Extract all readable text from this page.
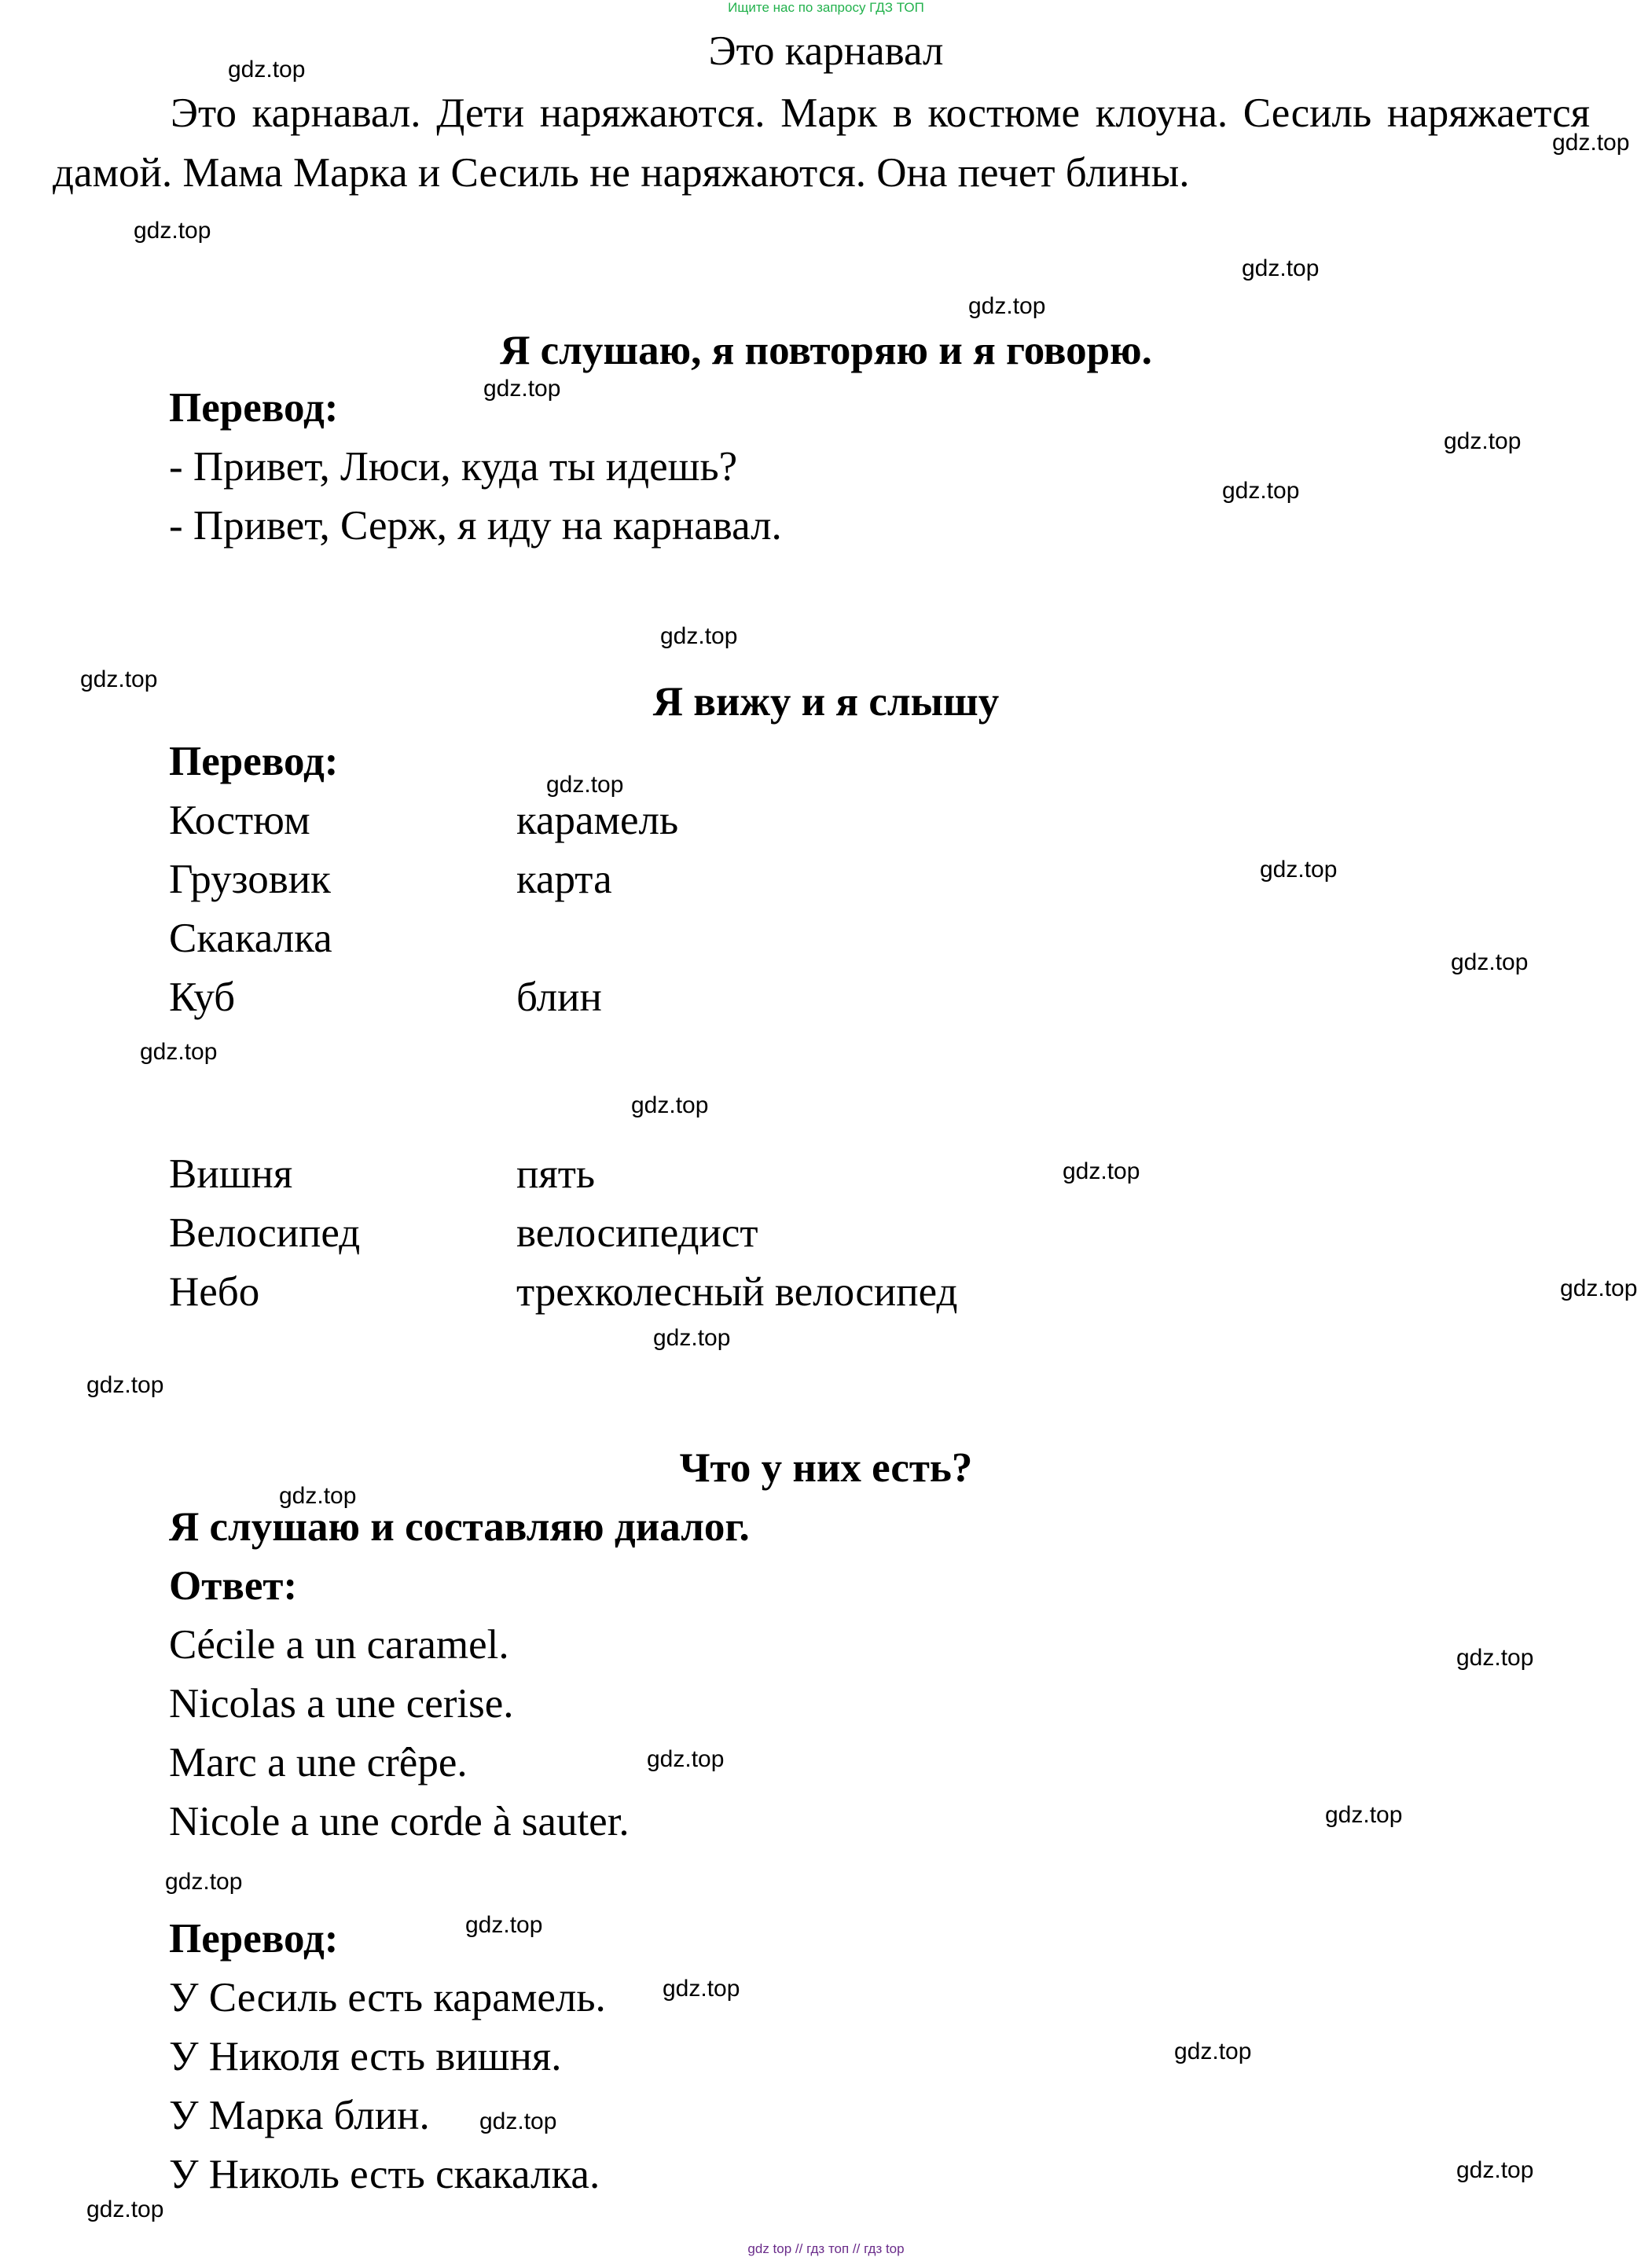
Ищите нас по запросу ГДЗ ТОП
gdz top // гдз топ // гдз top
Это карнавал
Это карнавал. Дети наряжаются. Марк в костюме клоуна. Сесиль наряжается дамой. Мама Марка и Сесиль не наряжаются. Она печет блины.
Я слушаю, я повторяю и я говорю.
Перевод:
- Привет, Люси, куда ты идешь?
- Привет, Серж, я иду на карнавал.
Я вижу и я слышу
Перевод:
Костюм	карамель
Грузовик	карта
Скакалка
Куб	блин
Вишня	пять
Велосипед	велосипедист
Небо	трехколесный велосипед
Что у них есть?
Я слушаю и составляю диалог.
Ответ:
Cécile a un caramel.
Nicolas a une cerise.
Marc a une crêpe.
Nicole a une corde à sauter.
Перевод:
У Сесиль есть карамель.
У Николя есть вишня.
У Марка блин.
У Николь есть скакалка.
gdz.top
gdz.top
gdz.top
gdz.top
gdz.top
gdz.top
gdz.top
gdz.top
gdz.top
gdz.top
gdz.top
gdz.top
gdz.top
gdz.top
gdz.top
gdz.top
gdz.top
gdz.top
gdz.top
gdz.top
gdz.top
gdz.top
gdz.top
gdz.top
gdz.top
gdz.top
gdz.top
gdz.top
gdz.top
gdz.top
